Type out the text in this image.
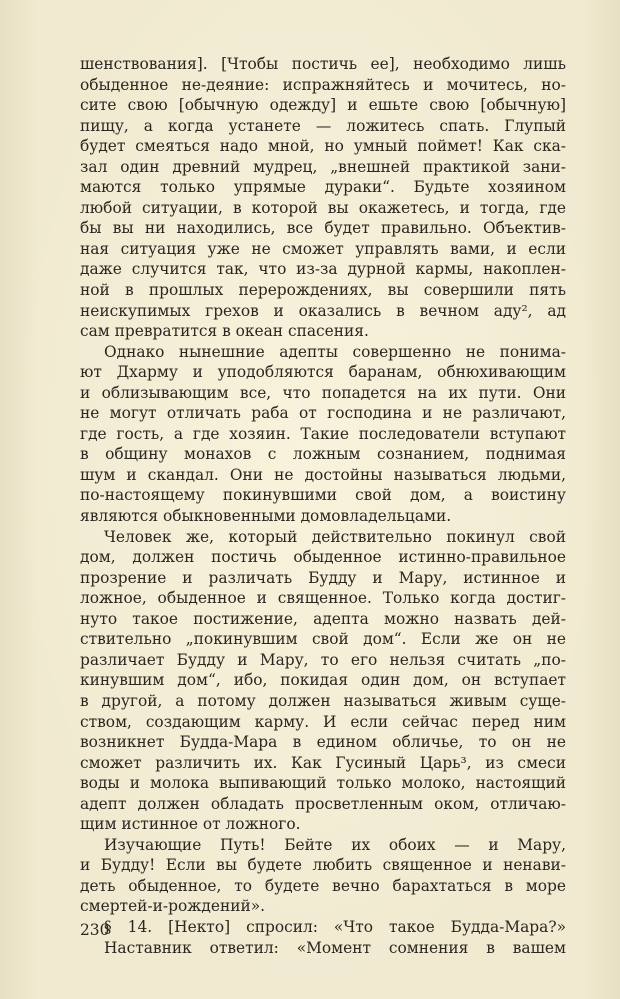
шенствования]. [Чтобы постичь ее], необходимо лишь
обыденное не-деяние: испражняйтесь и мочитесь, но-
сите свою [обычную одежду] и ешьте свою [обычную]
пищу, а когда устанете — ложитесь спать. Глупый
будет смеяться надо мной, но умный поймет! Как ска-
зал один древний мудрец, „внешней практикой зани-
маются только упрямые дураки“. Будьте хозяином
любой ситуации, в которой вы окажетесь, и тогда, где
бы вы ни находились, все будет правильно. Объектив-
ная ситуация уже не сможет управлять вами, и если
даже случится так, что из-за дурной кармы, накоплен-
ной в прошлых перерождениях, вы совершили пять
неискупимых грехов и оказались в вечном аду², ад
сам превратится в океан спасения.
Однако нынешние адепты совершенно не понима-
ют Дхарму и уподобляются баранам, обнюхивающим
и облизывающим все, что попадется на их пути. Они
не могут отличать раба от господина и не различают,
где гость, а где хозяин. Такие последователи вступают
в общину монахов с ложным сознанием, поднимая
шум и скандал. Они не достойны называться людьми,
по-настоящему покинувшими свой дом, а воистину
являются обыкновенными домовладельцами.
Человек же, который действительно покинул свой
дом, должен постичь обыденное истинно-правильное
прозрение и различать Будду и Мару, истинное и
ложное, обыденное и священное. Только когда достиг-
нуто такое постижение, адепта можно назвать дей-
ствительно „покинувшим свой дом“. Если же он не
различает Будду и Мару, то его нельзя считать „по-
кинувшим дом“, ибо, покидая один дом, он вступает
в другой, а потому должен называться живым суще-
ством, создающим карму. И если сейчас перед ним
возникнет Будда-Мара в едином обличье, то он не
сможет различить их. Как Гусиный Царь³, из смеси
воды и молока выпивающий только молоко, настоящий
адепт должен обладать просветленным оком, отличаю-
щим истинное от ложного.
Изучающие Путь! Бейте их обоих — и Мару,
и Будду! Если вы будете любить священное и ненави-
деть обыденное, то будете вечно барахтаться в море
смертей-и-рождений».
§ 14. [Некто] спросил: «Что такое Будда-Мара?»
Наставник ответил: «Момент сомнения в вашем
230
